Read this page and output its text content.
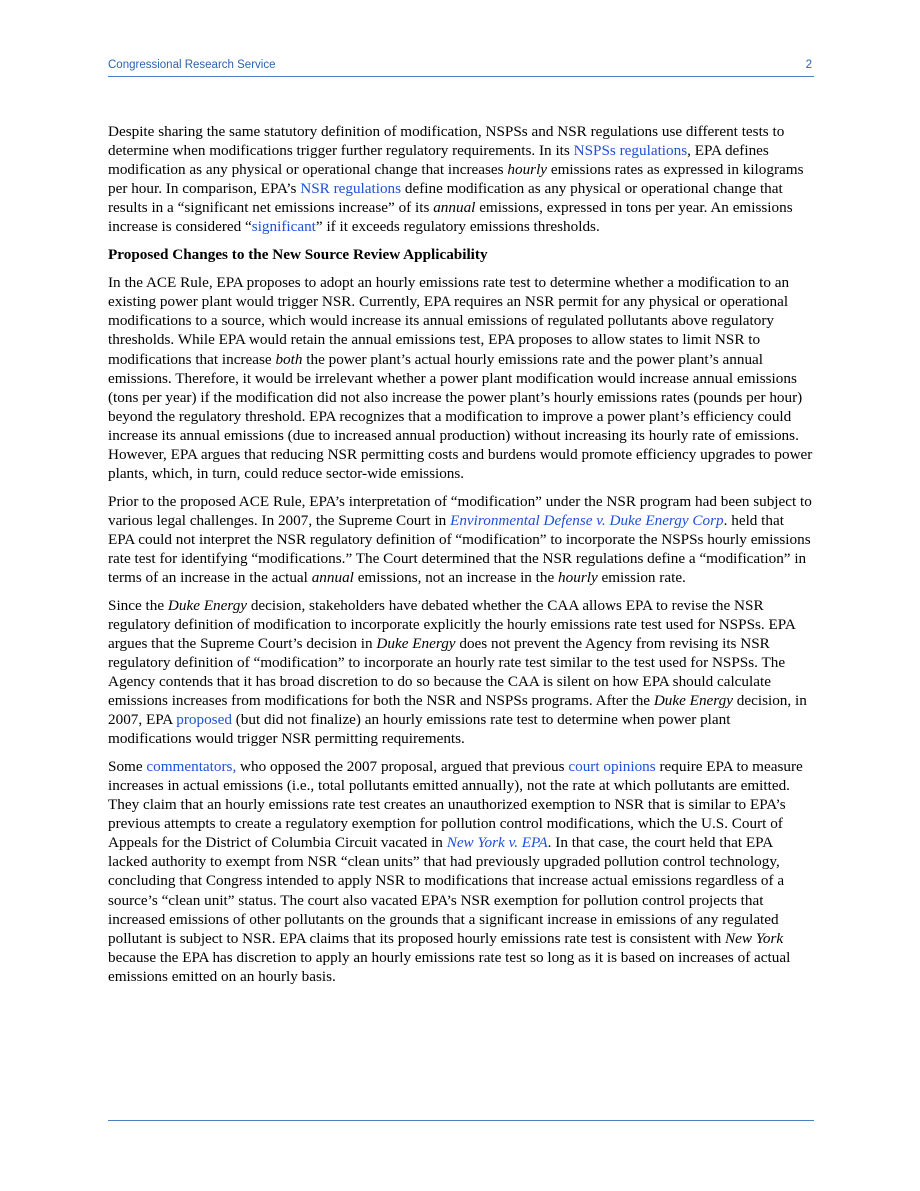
Congressional Research Service	2

Despite sharing the same statutory definition of modification, NSPSs and NSR regulations use different tests to determine when modifications trigger further regulatory requirements. In its NSPSs regulations, EPA defines modification as any physical or operational change that increases hourly emissions rates as expressed in kilograms per hour. In comparison, EPA’s NSR regulations define modification as any physical or operational change that results in a “significant net emissions increase” of its annual emissions, expressed in tons per year. An emissions increase is considered “significant” if it exceeds regulatory emissions thresholds.

Proposed Changes to the New Source Review Applicability

In the ACE Rule, EPA proposes to adopt an hourly emissions rate test to determine whether a modification to an existing power plant would trigger NSR. Currently, EPA requires an NSR permit for any physical or operational modifications to a source, which would increase its annual emissions of regulated pollutants above regulatory thresholds. While EPA would retain the annual emissions test, EPA proposes to allow states to limit NSR to modifications that increase both the power plant’s actual hourly emissions rate and the power plant’s annual emissions. Therefore, it would be irrelevant whether a power plant modification would increase annual emissions (tons per year) if the modification did not also increase the power plant’s hourly emissions rates (pounds per hour) beyond the regulatory threshold. EPA recognizes that a modification to improve a power plant’s efficiency could increase its annual emissions (due to increased annual production) without increasing its hourly rate of emissions. However, EPA argues that reducing NSR permitting costs and burdens would promote efficiency upgrades to power plants, which, in turn, could reduce sector-wide emissions.

Prior to the proposed ACE Rule, EPA’s interpretation of “modification” under the NSR program had been subject to various legal challenges. In 2007, the Supreme Court in Environmental Defense v. Duke Energy Corp. held that EPA could not interpret the NSR regulatory definition of “modification” to incorporate the NSPSs hourly emissions rate test for identifying “modifications.” The Court determined that the NSR regulations define a “modification” in terms of an increase in the actual annual emissions, not an increase in the hourly emission rate.

Since the Duke Energy decision, stakeholders have debated whether the CAA allows EPA to revise the NSR regulatory definition of modification to incorporate explicitly the hourly emissions rate test used for NSPSs. EPA argues that the Supreme Court’s decision in Duke Energy does not prevent the Agency from revising its NSR regulatory definition of “modification” to incorporate an hourly rate test similar to the test used for NSPSs. The Agency contends that it has broad discretion to do so because the CAA is silent on how EPA should calculate emissions increases from modifications for both the NSR and NSPSs programs. After the Duke Energy decision, in 2007, EPA proposed (but did not finalize) an hourly emissions rate test to determine when power plant modifications would trigger NSR permitting requirements.

Some commentators, who opposed the 2007 proposal, argued that previous court opinions require EPA to measure increases in actual emissions (i.e., total pollutants emitted annually), not the rate at which pollutants are emitted. They claim that an hourly emissions rate test creates an unauthorized exemption to NSR that is similar to EPA’s previous attempts to create a regulatory exemption for pollution control modifications, which the U.S. Court of Appeals for the District of Columbia Circuit vacated in New York v. EPA. In that case, the court held that EPA lacked authority to exempt from NSR “clean units” that had previously upgraded pollution control technology, concluding that Congress intended to apply NSR to modifications that increase actual emissions regardless of a source’s “clean unit” status. The court also vacated EPA’s NSR exemption for pollution control projects that increased emissions of other pollutants on the grounds that a significant increase in emissions of any regulated pollutant is subject to NSR. EPA claims that its proposed hourly emissions rate test is consistent with New York because the EPA has discretion to apply an hourly emissions rate test so long as it is based on increases of actual emissions emitted on an hourly basis.
